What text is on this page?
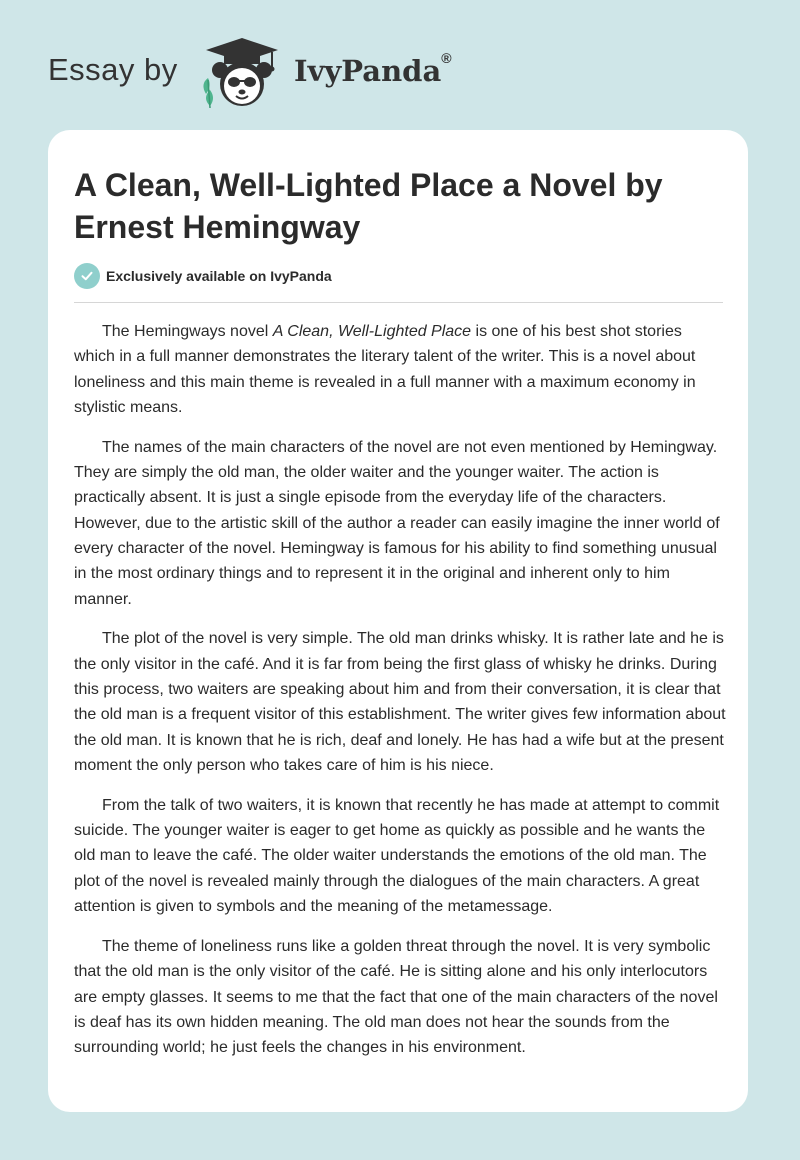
Essay by	IvyPanda®
A Clean, Well-Lighted Place a Novel by Ernest Hemingway
Exclusively available on IvyPanda

The Hemingways novel A Clean, Well-Lighted Place is one of his best shot stories which in a full manner demonstrates the literary talent of the writer. This is a novel about loneliness and this main theme is revealed in a full manner with a maximum economy in stylistic means.

The names of the main characters of the novel are not even mentioned by Hemingway. They are simply the old man, the older waiter and the younger waiter. The action is practically absent. It is just a single episode from the everyday life of the characters. However, due to the artistic skill of the author a reader can easily imagine the inner world of every character of the novel. Hemingway is famous for his ability to find something unusual in the most ordinary things and to represent it in the original and inherent only to him manner.

The plot of the novel is very simple. The old man drinks whisky. It is rather late and he is the only visitor in the café. And it is far from being the first glass of whisky he drinks. During this process, two waiters are speaking about him and from their conversation, it is clear that the old man is a frequent visitor of this establishment. The writer gives few information about the old man. It is known that he is rich, deaf and lonely. He has had a wife but at the present moment the only person who takes care of him is his niece.

From the talk of two waiters, it is known that recently he has made at attempt to commit suicide. The younger waiter is eager to get home as quickly as possible and he wants the old man to leave the café. The older waiter understands the emotions of the old man. The plot of the novel is revealed mainly through the dialogues of the main characters. A great attention is given to symbols and the meaning of the metamessage.

The theme of loneliness runs like a golden threat through the novel. It is very symbolic that the old man is the only visitor of the café. He is sitting alone and his only interlocutors are empty glasses. It seems to me that the fact that one of the main characters of the novel is deaf has its own hidden meaning. The old man does not hear the sounds from the surrounding world; he just feels the changes in his environment.
